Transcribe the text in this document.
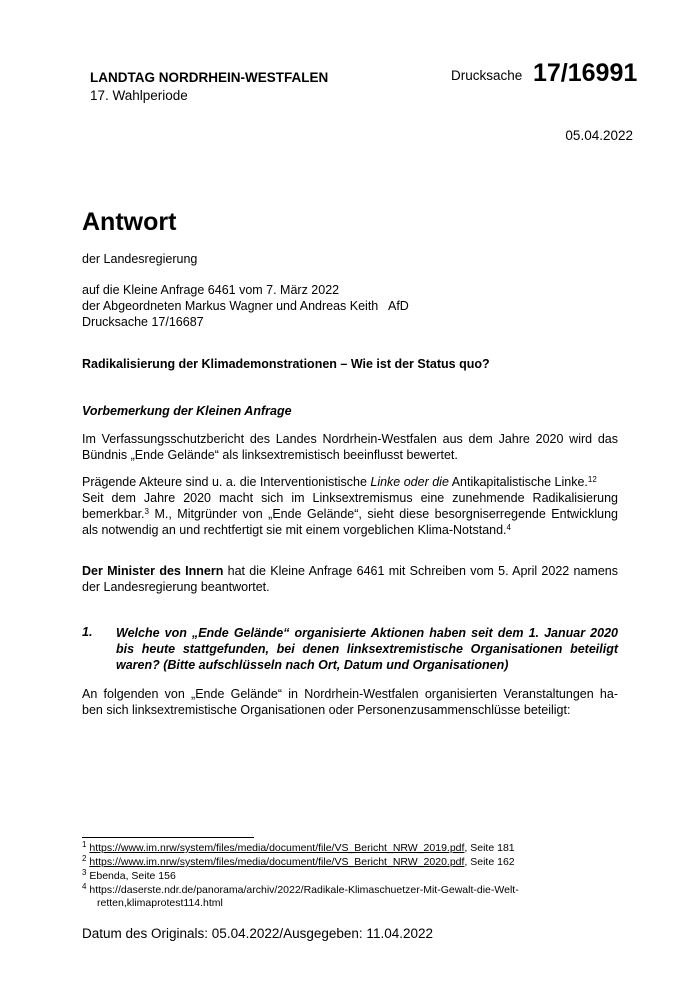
LANDTAG NORDRHEIN-WESTFALEN
17. Wahlperiode
Drucksache 17/16991
05.04.2022
Antwort
der Landesregierung
auf die Kleine Anfrage 6461 vom 7. März 2022
der Abgeordneten Markus Wagner und Andreas Keith   AfD
Drucksache 17/16687
Radikalisierung der Klimademonstrationen – Wie ist der Status quo?
Vorbemerkung der Kleinen Anfrage
Im Verfassungsschutzbericht des Landes Nordrhein-Westfalen aus dem Jahre 2020 wird das Bündnis „Ende Gelände“ als linksextremistisch beeinflusst bewertet.
Prägende Akteure sind u. a. die Interventionistische Linke oder die Antikapitalistische Linke.$^{12}$
Seit dem Jahre 2020 macht sich im Linksextremismus eine zunehmende Radikalisierung
bemerkbar.$^3$ M., Mitgründer von „Ende Gelände“, sieht diese besorgniserregende Entwicklung
als notwendig an und rechtfertigt sie mit einem vorgeblichen Klima-Notstand.$^4$
Der Minister des Innern hat die Kleine Anfrage 6461 mit Schreiben vom 5. April 2022 namens der Landesregierung beantwortet.
1. Welche von „Ende Gelände“ organisierte Aktionen haben seit dem 1. Januar 2020 bis heute stattgefunden, bei denen linksextremistische Organisationen beteiligt waren? (Bitte aufschlüsseln nach Ort, Datum und Organisationen)
An folgenden von „Ende Gelände“ in Nordrhein-Westfalen organisierten Veranstaltungen ha-
ben sich linksextremistische Organisationen oder Personenzusammenschlüsse beteiligt:
$^1$ https://www.im.nrw/system/files/media/document/file/VS_Bericht_NRW_2019.pdf, Seite 181
$^2$ https://www.im.nrw/system/files/media/document/file/VS_Bericht_NRW_2020.pdf, Seite 162
$^3$ Ebenda, Seite 156
$^4$ https://daserste.ndr.de/panorama/archiv/2022/Radikale-Klimaschuetzer-Mit-Gewalt-die-Welt-
retten,klimaprotest114.html
Datum des Originals: 05.04.2022/Ausgegeben: 11.04.2022
